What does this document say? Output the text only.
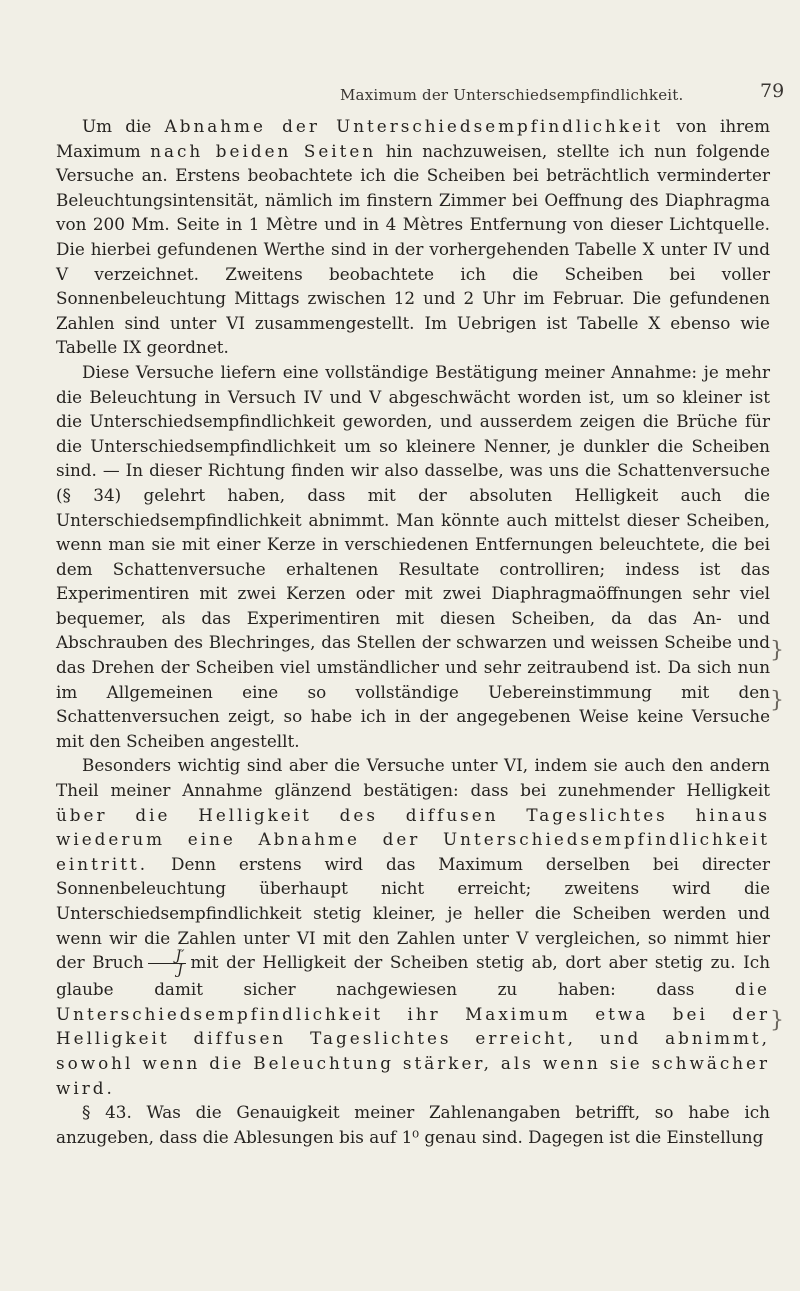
Maximum der Unterschiedsempfindlichkeit.	79

Um die Abnahme der Unterschiedsempfindlichkeit von ihrem Maximum nach beiden Seiten hin nachzuweisen, stellte ich nun folgende Versuche an. Erstens beobachtete ich die Scheiben bei beträchtlich verminderter Beleuchtungsintensität, nämlich im finstern Zimmer bei Oeffnung des Diaphragma von 200 Mm. Seite in 1 Mètre und in 4 Mètres Entfernung von dieser Lichtquelle. Die hierbei gefundenen Werthe sind in der vorhergehenden Tabelle X unter IV und V verzeichnet. Zweitens beobachtete ich die Scheiben bei voller Sonnenbeleuchtung Mittags zwischen 12 und 2 Uhr im Februar. Die gefundenen Zahlen sind unter VI zusammengestellt. Im Uebrigen ist Tabelle X ebenso wie Tabelle IX geordnet.

Diese Versuche liefern eine vollständige Bestätigung meiner Annahme: je mehr die Beleuchtung in Versuch IV und V abgeschwächt worden ist, um so kleiner ist die Unterschiedsempfindlichkeit geworden, und ausserdem zeigen die Brüche für die Unterschiedsempfindlichkeit um so kleinere Nenner, je dunkler die Scheiben sind. — In dieser Richtung finden wir also dasselbe, was uns die Schattenversuche (§ 34) gelehrt haben, dass mit der absoluten Helligkeit auch die Unterschiedsempfindlichkeit abnimmt. Man könnte auch mittelst dieser Scheiben, wenn man sie mit einer Kerze in verschiedenen Entfernungen beleuchtete, die bei dem Schattenversuche erhaltenen Resultate controlliren; indess ist das Experimentiren mit zwei Kerzen oder mit zwei Diaphragmaöffnungen sehr viel bequemer, als das Experimentiren mit diesen Scheiben, da das An- und Abschrauben des Blechringes, das Stellen der schwarzen und weissen Scheibe und das Drehen der Scheiben viel umständlicher und sehr zeitraubend ist. Da sich nun im Allgemeinen eine so vollständige Uebereinstimmung mit den Schattenversuchen zeigt, so habe ich in der angegebenen Weise keine Versuche mit den Scheiben angestellt.

Besonders wichtig sind aber die Versuche unter VI, indem sie auch den andern Theil meiner Annahme glänzend bestätigen: dass bei zunehmender Helligkeit über die Helligkeit des diffusen Tageslichtes hinaus wiederum eine Abnahme der Unterschiedsempfindlichkeit eintritt. Denn erstens wird das Maximum derselben bei directer Sonnenbeleuchtung überhaupt nicht erreicht; zweitens wird die Unterschiedsempfindlichkeit stetig kleiner, je heller die Scheiben werden und wenn wir die Zahlen unter VI mit den Zahlen unter V vergleichen, so nimmt hier der Bruch $\frac{J'}{J}$ mit der Helligkeit der Scheiben stetig ab, dort aber stetig zu. Ich glaube damit sicher nachgewiesen zu haben: dass die Unterschiedsempfindlichkeit ihr Maximum etwa bei der Helligkeit diffusen Tageslichtes erreicht, und abnimmt, sowohl wenn die Beleuchtung stärker, als wenn sie schwächer wird.

§ 43. Was die Genauigkeit meiner Zahlenangaben betrifft, so habe ich anzugeben, dass die Ablesungen bis auf 1⁰ genau sind. Dagegen ist die Einstellung

}
}
}
